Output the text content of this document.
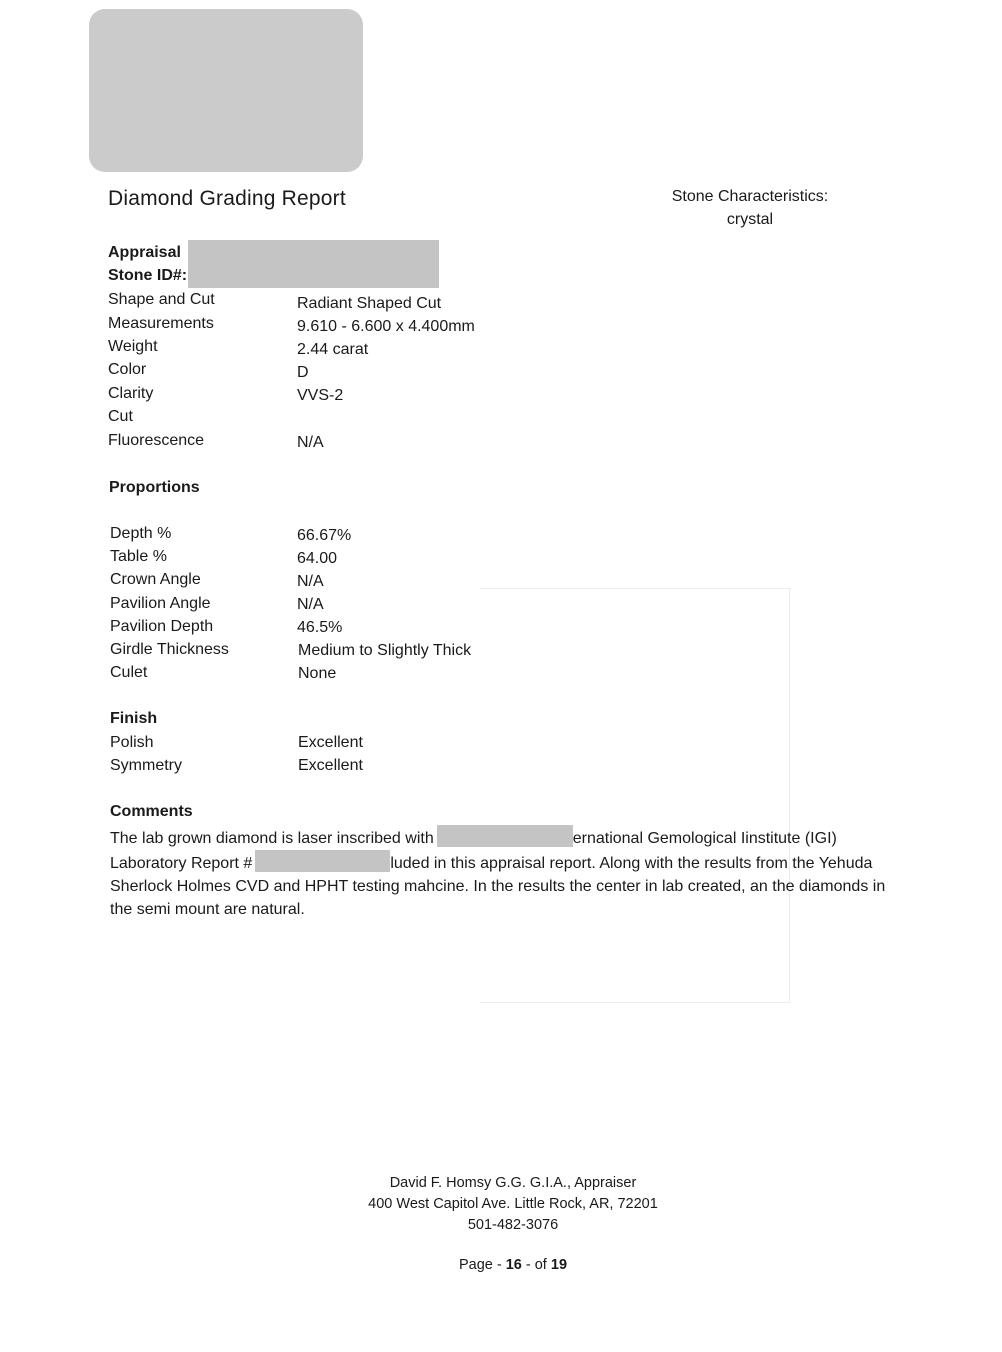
Diamond Grading Report	Stone Characteristics:
crystal
Appraisal
Stone ID#:
Shape and Cut	Radiant Shaped Cut
Measurements	9.610 - 6.600 x 4.400mm
Weight	2.44 carat
Color	D
Clarity	VVS-2
Cut
Fluorescence	N/A
Proportions
Depth %	66.67%
Table %	64.00
Crown Angle	N/A
Pavilion Angle	N/A
Pavilion Depth	46.5%
Girdle Thickness	Medium to Slightly Thick
Culet	None
Finish
Polish	Excellent
Symmetry	Excellent
Comments
The lab grown diamond is laser inscribed with	ernational Gemological Iinstitute (IGI)
Laboratory Report #	luded in this appraisal report. Along with the results from the Yehuda Sherlock Holmes CVD and HPHT testing mahcine. In the results the center in lab created, an the diamonds in the semi mount are natural.
David F. Homsy G.G. G.I.A., Appraiser
400 West Capitol Ave. Little Rock, AR, 72201
501-482-3076
Page - 16 - of 19
